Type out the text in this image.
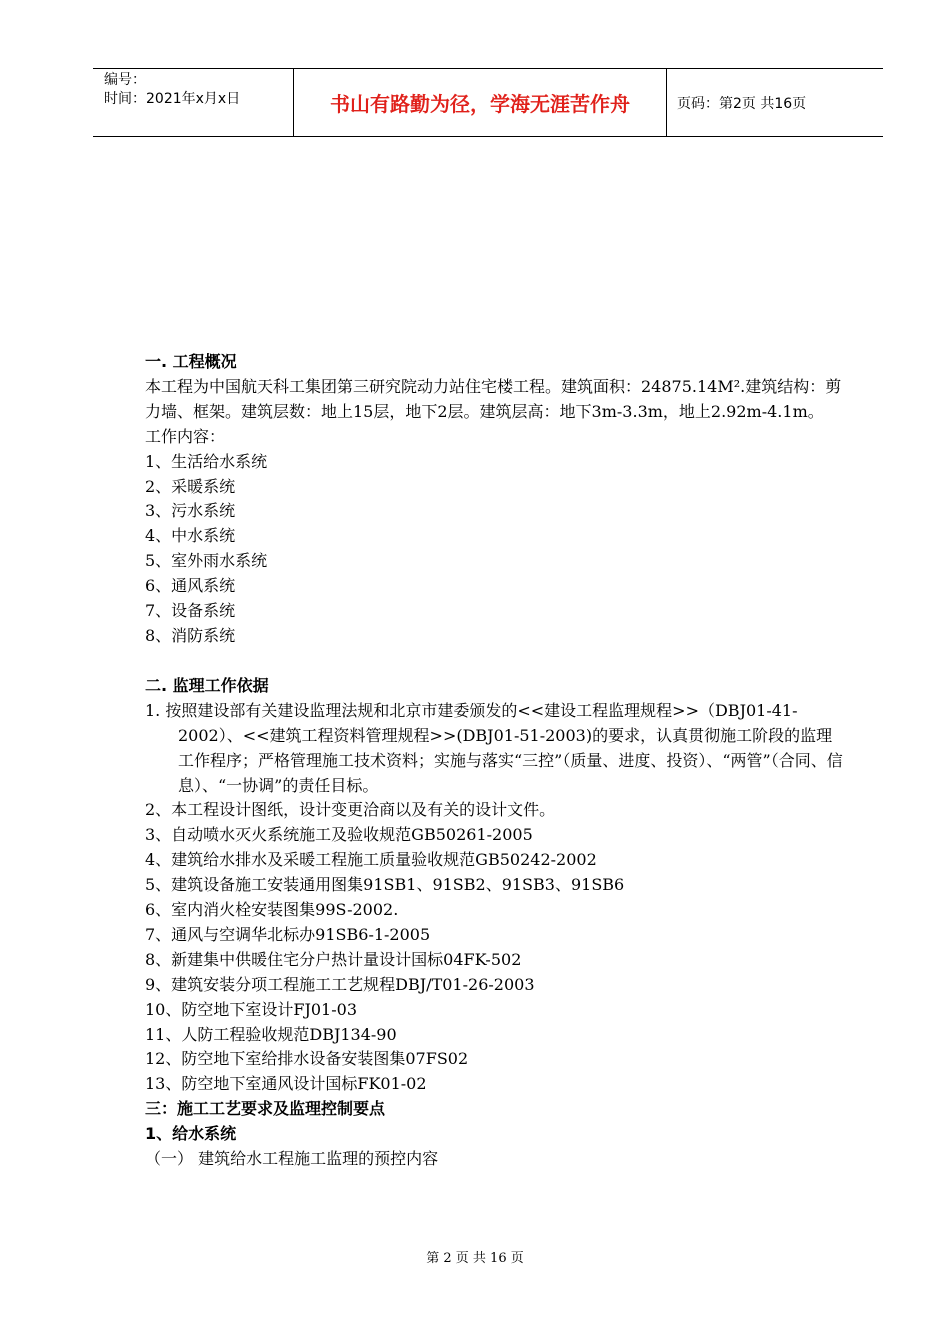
编号：
时间：2021年x月x日	书山有路勤为径，学海无涯苦作舟	页码：第2页 共16页

一. 工程概况

本工程为中国航天科工集团第三研究院动力站住宅楼工程。建筑面积：24875.14M².建筑结构：剪力墙、框架。建筑层数：地上15层，地下2层。建筑层高：地下3m-3.3m，地上2.92m-4.1m。

工作内容：

1、生活给水系统

2、采暖系统

3、污水系统

4、中水系统

5、室外雨水系统

6、通风系统

7、设备系统

8、消防系统

二. 监理工作依据

1. 按照建设部有关建设监理法规和北京市建委颁发的<<建设工程监理规程>>（DBJ01-41-2002）、<<建筑工程资料管理规程>>(DBJ01-51-2003)的要求，认真贯彻施工阶段的监理工作程序；严格管理施工技术资料；实施与落实“三控”（质量、进度、投资）、“两管”（合同、信息）、“一协调”的责任目标。

2、本工程设计图纸，设计变更洽商以及有关的设计文件。

3、自动喷水灭火系统施工及验收规范GB50261-2005

4、建筑给水排水及采暖工程施工质量验收规范GB50242-2002

5、建筑设备施工安装通用图集91SB1、91SB2、91SB3、91SB6

6、室内消火栓安装图集99S-2002.

7、通风与空调华北标办91SB6-1-2005

8、新建集中供暖住宅分户热计量设计国标04FK-502

9、建筑安装分项工程施工工艺规程DBJ/T01-26-2003

10、防空地下室设计FJ01-03

11、人防工程验收规范DBJ134-90

12、防空地下室给排水设备安装图集07FS02

13、防空地下室通风设计国标FK01-02

三：施工工艺要求及监理控制要点

1、给水系统

（一） 建筑给水工程施工监理的预控内容

第 2 页 共 16 页
